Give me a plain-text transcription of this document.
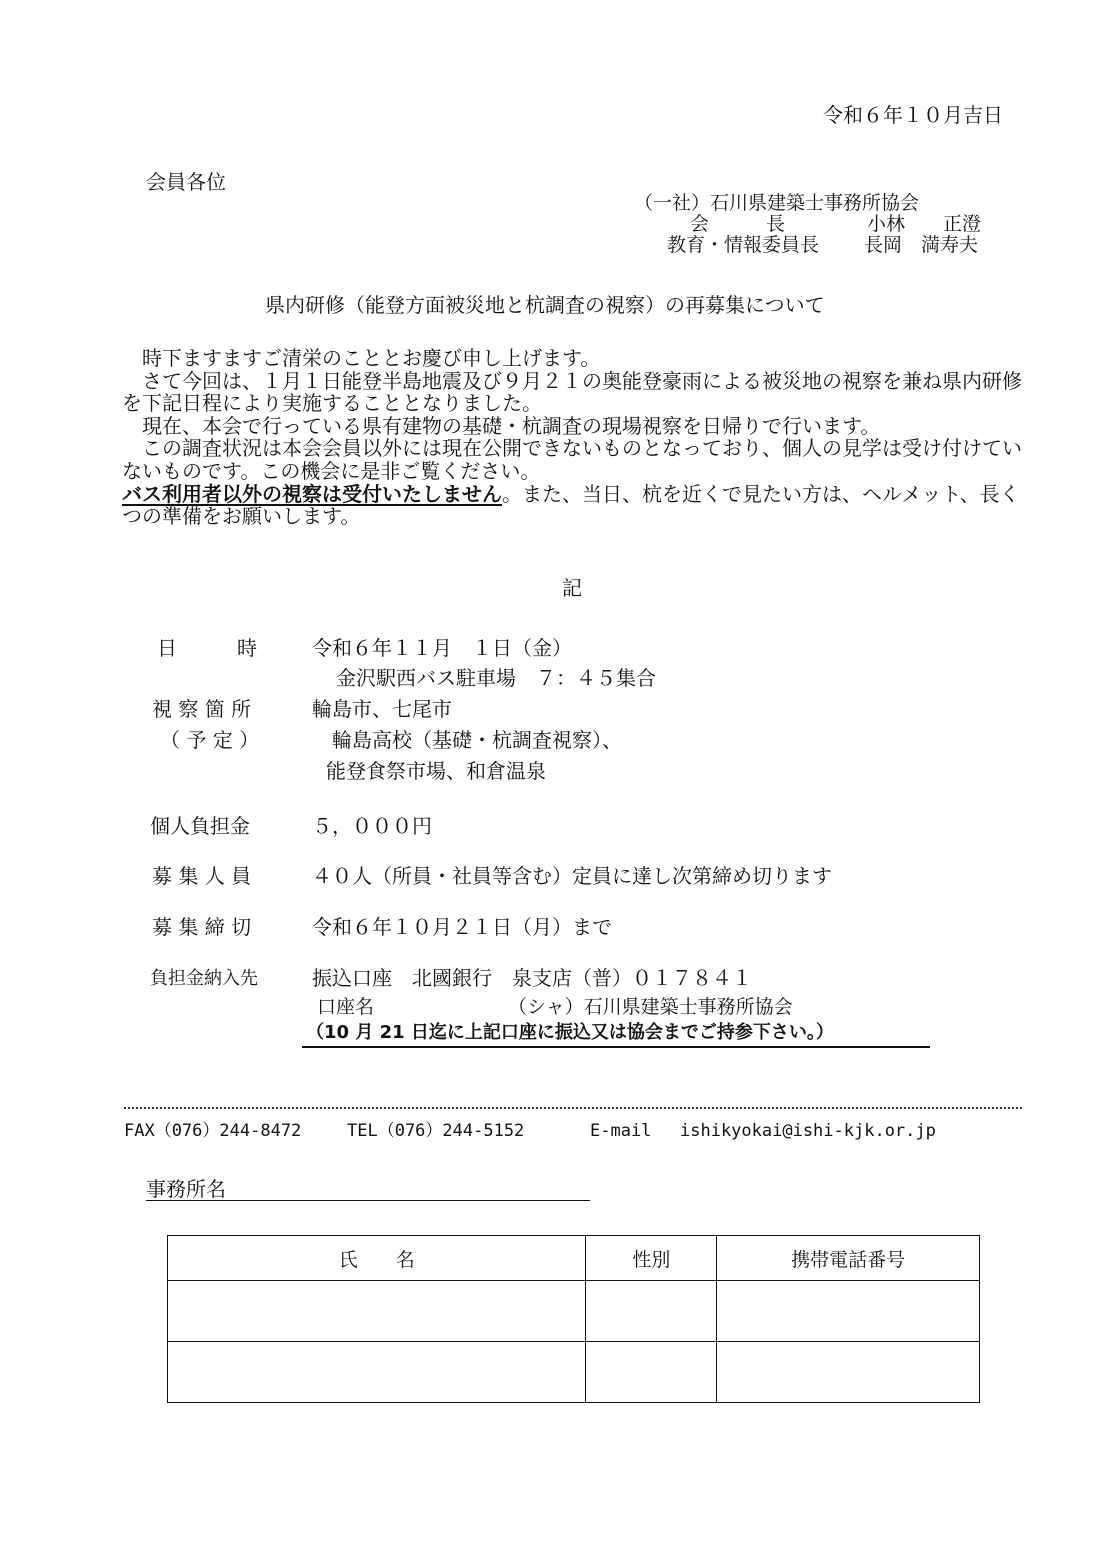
令和６年１０月吉日
会員各位
（一社）石川県建築士事務所協会
会　　　長	小林　　正澄
教育・情報委員長 長岡　満寿夫
県内研修（能登方面被災地と杭調査の視察）の再募集について

　時下ますますご清栄のこととお慶び申し上げます。

　さて今回は、１月１日能登半島地震及び９月２１の奥能登豪雨による被災地の視察を兼ね県内研修を下記日程により実施することとなりました。

　現在、本会で行っている県有建物の基礎・杭調査の現場視察を日帰りで行います。

　この調査状況は本会会員以外には現在公開できないものとなっており、個人の見学は受け付けていないものです。この機会に是非ご覧ください。

バス利用者以外の視察は受付いたしません。また、当日、杭を近くで見たい方は、ヘルメット、長くつの準備をお願いします。

記
日　　　時	令和６年１１月　１日（金）
金沢駅西バス駐車場　７：４５集合
視 察 箇 所	輪島市、七尾市
（ 予 定 ）	輪島高校（基礎・杭調査視察）、
能登食祭市場、和倉温泉
個人負担金	５，０００円
募 集 人 員	４０人（所員・社員等含む）定員に達し次第締め切ります
募 集 締 切	令和６年１０月２１日（月）まで
負担金納入先	振込口座　北國銀行　泉支店（普）０１７８４１
口座名	（シャ）石川県建築士事務所協会
（10 月 21 日迄に上記口座に振込又は協会までご持参下さい。）
FAX（076）244-8472	TEL（076）244-5152	E-mail ishikyokai@ishi-kjk.or.jp
事務所名
氏　　名	性別	携帯電話番号
